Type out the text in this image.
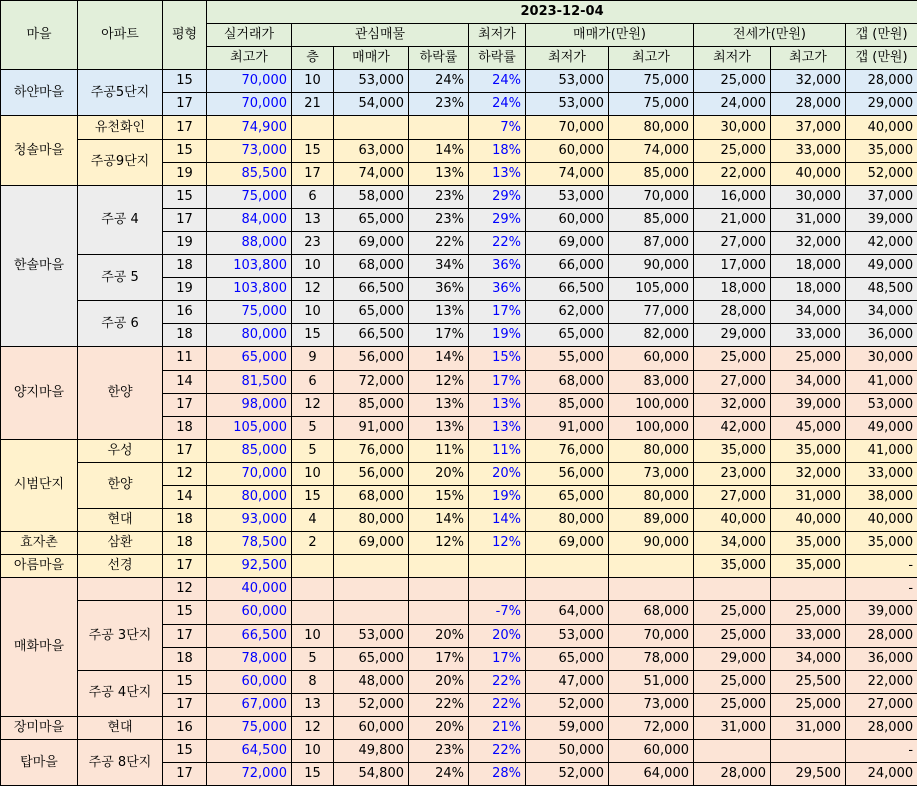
마을	아파트	평형	2023-12-04									
			실거래가	관심매물			최저가	매매가(만원)		전세가(만원)		갭 (만원)
			최고가	층	매매가	하락률	하락률	최저가	최고가	최저가	최고가	갭 (만원)
하얀마을	주공5단지	15	70,000	10	53,000	24%	24%	53,000	75,000	25,000	32,000	28,000
		17	70,000	21	54,000	23%	24%	53,000	75,000	24,000	28,000	29,000
청솔마을	유천화인	17	74,900				7%	70,000	80,000	30,000	37,000	40,000
	주공9단지	15	73,000	15	63,000	14%	18%	60,000	74,000	25,000	33,000	35,000
		19	85,500	17	74,000	13%	13%	74,000	85,000	22,000	40,000	52,000
한솔마을	주공 4	15	75,000	6	58,000	23%	29%	53,000	70,000	16,000	30,000	37,000
		17	84,000	13	65,000	23%	29%	60,000	85,000	21,000	31,000	39,000
		19	88,000	23	69,000	22%	22%	69,000	87,000	27,000	32,000	42,000
	주공 5	18	103,800	10	68,000	34%	36%	66,000	90,000	17,000	18,000	49,000
		19	103,800	12	66,500	36%	36%	66,500	105,000	18,000	18,000	48,500
	주공 6	16	75,000	10	65,000	13%	17%	62,000	77,000	28,000	34,000	34,000
		18	80,000	15	66,500	17%	19%	65,000	82,000	29,000	33,000	36,000
양지마을	한양	11	65,000	9	56,000	14%	15%	55,000	60,000	25,000	25,000	30,000
		14	81,500	6	72,000	12%	17%	68,000	83,000	27,000	34,000	41,000
		17	98,000	12	85,000	13%	13%	85,000	100,000	32,000	39,000	53,000
		18	105,000	5	91,000	13%	13%	91,000	100,000	42,000	45,000	49,000
시범단지	우성	17	85,000	5	76,000	11%	11%	76,000	80,000	35,000	35,000	41,000
	한양	12	70,000	10	56,000	20%	20%	56,000	73,000	23,000	32,000	33,000
		14	80,000	15	68,000	15%	19%	65,000	80,000	27,000	31,000	38,000
	현대	18	93,000	4	80,000	14%	14%	80,000	89,000	40,000	40,000	40,000
효자촌	삼환	18	78,500	2	69,000	12%	12%	69,000	90,000	34,000	35,000	35,000
아름마을	선경	17	92,500							35,000	35,000	-
매화마을		12	40,000									-
	주공 3단지	15	60,000				-7%	64,000	68,000	25,000	25,000	39,000
		17	66,500	10	53,000	20%	20%	53,000	70,000	25,000	33,000	28,000
		18	78,000	5	65,000	17%	17%	65,000	78,000	29,000	34,000	36,000
	주공 4단지	15	60,000	8	48,000	20%	22%	47,000	51,000	25,000	25,500	22,000
		17	67,000	13	52,000	22%	22%	52,000	73,000	25,000	25,000	27,000
장미마을	현대	16	75,000	12	60,000	20%	21%	59,000	72,000	31,000	31,000	28,000
탑마을	주공 8단지	15	64,500	10	49,800	23%	22%	50,000	60,000			-
		17	72,000	15	54,800	24%	28%	52,000	64,000	28,000	29,500	24,000
